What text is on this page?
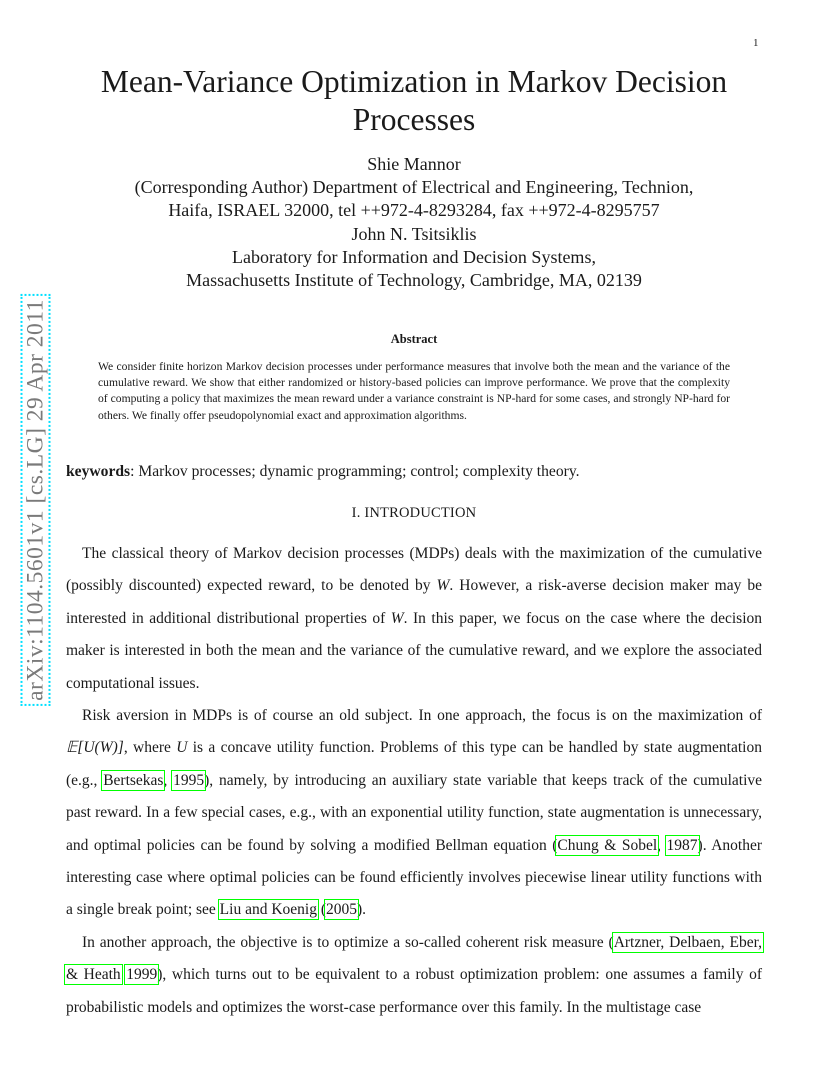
1
arXiv:1104.5601v1 [cs.LG] 29 Apr 2011
Mean-Variance Optimization in Markov Decision
Processes
Shie Mannor
(Corresponding Author) Department of Electrical and Engineering, Technion,
Haifa, ISRAEL 32000, tel ++972-4-8293284, fax ++972-4-8295757
John N. Tsitsiklis
Laboratory for Information and Decision Systems,
Massachusetts Institute of Technology, Cambridge, MA, 02139
Abstract
We consider finite horizon Markov decision processes under performance measures that involve both the mean and the variance of the cumulative reward. We show that either randomized or history-based policies can improve performance. We prove that the complexity of computing a policy that maximizes the mean reward under a variance constraint is NP-hard for some cases, and strongly NP-hard for others. We finally offer pseudopolynomial exact and approximation algorithms.
keywords: Markov processes; dynamic programming; control; complexity theory.
I. INTRODUCTION

The classical theory of Markov decision processes (MDPs) deals with the maximization of the cumulative (possibly discounted) expected reward, to be denoted by W. However, a risk-averse decision maker may be interested in additional distributional properties of W. In this paper, we focus on the case where the decision maker is interested in both the mean and the variance of the cumulative reward, and we explore the associated computational issues.

Risk aversion in MDPs is of course an old subject. In one approach, the focus is on the maximization of 𝔼[U(W)], where U is a concave utility function. Problems of this type can be handled by state augmentation (e.g., Bertsekas, 1995), namely, by introducing an auxiliary state variable that keeps track of the cumulative past reward. In a few special cases, e.g., with an exponential utility function, state augmentation is unnecessary, and optimal policies can be found by solving a modified Bellman equation (Chung & Sobel, 1987). Another interesting case where optimal policies can be found efficiently involves piecewise linear utility functions with a single break point; see Liu and Koenig (2005).

In another approach, the objective is to optimize a so-called coherent risk measure (Artzner, Delbaen, Eber, & Heath 1999), which turns out to be equivalent to a robust optimization problem: one assumes a family of probabilistic models and optimizes the worst-case performance over this family. In the multistage case
